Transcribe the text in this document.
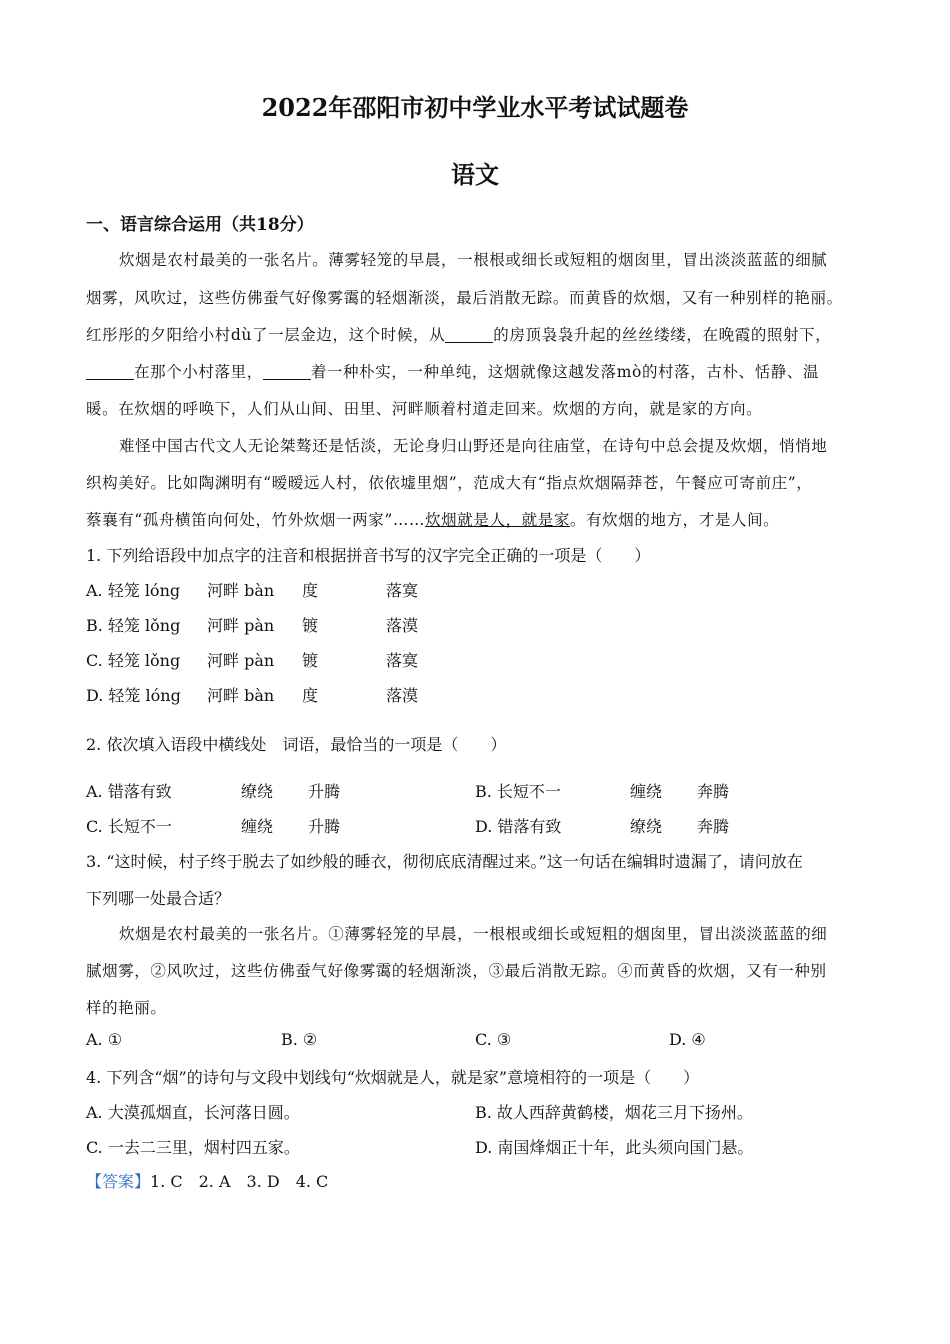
2022年邵阳市初中学业水平考试试题卷
语文
一、语言综合运用（共18分）
炊烟是农村最美的一张名片。薄雾轻笼的早晨，一根根或细长或短粗的烟囱里，冒出淡淡蓝蓝的细腻
烟雾，风吹过，这些仿佛蚕气好像雾霭的轻烟渐淡，最后消散无踪。而黄昏的炊烟，又有一种别样的艳丽。
红彤彤的夕阳给小村dù了一层金边，这个时候，从	的房顶袅袅升起的丝丝缕缕，在晚霞的照射下，
在那个小村落里，	着一种朴实，一种单纯，这烟就像这越发落mò的村落，古朴、恬静、温
暖。在炊烟的呼唤下，人们从山间、田里、河畔顺着村道走回来。炊烟的方向，就是家的方向。
难怪中国古代文人无论桀骜还是恬淡，无论身归山野还是向往庙堂，在诗句中总会提及炊烟，悄悄地
织构美好。比如陶渊明有“暧暧远人村，依依墟里烟”，范成大有“指点炊烟隔莽苍，午餐应可寄前庄”，
蔡襄有“孤舟横笛向何处，竹外炊烟一两家”……炊烟就是人，就是家。有炊烟的地方，才是人间。
1. 下列给语段中加点字的注音和根据拼音书写的汉字完全正确的一项是（　　）
A. 轻笼 lóng 河畔 bàn 度	落寞
B. 轻笼 lǒng 河畔 pàn 镀	落漠
C. 轻笼 lǒng 河畔 pàn 镀	落寞
D. 轻笼 lóng 河畔 bàn 度	落漠
2. 依次填入语段中横线处　词语，最恰当的一项是（　　）
A. 错落有致	缭绕 升腾	B. 长短不一	缠绕 奔腾
C. 长短不一	缠绕 升腾	D. 错落有致	缭绕 奔腾
3. “这时候，村子终于脱去了如纱般的睡衣，彻彻底底清醒过来。”这一句话在编辑时遗漏了，请问放在
下列哪一处最合适？
炊烟是农村最美的一张名片。①薄雾轻笼的早晨，一根根或细长或短粗的烟囱里，冒出淡淡蓝蓝的细
腻烟雾，②风吹过，这些仿佛蚕气好像雾霭的轻烟渐淡，③最后消散无踪。④而黄昏的炊烟，又有一种别
样的艳丽。
A. ①	B. ②	C. ③	D. ④
4. 下列含“烟”的诗句与文段中划线句“炊烟就是人，就是家”意境相符的一项是（　　）
A. 大漠孤烟直，长河落日圆。	B. 故人西辞黄鹤楼，烟花三月下扬州。
C. 一去二三里，烟村四五家。	D. 南国烽烟正十年，此头须向国门悬。
【答案】1. C　2. A　3. D　4. C
